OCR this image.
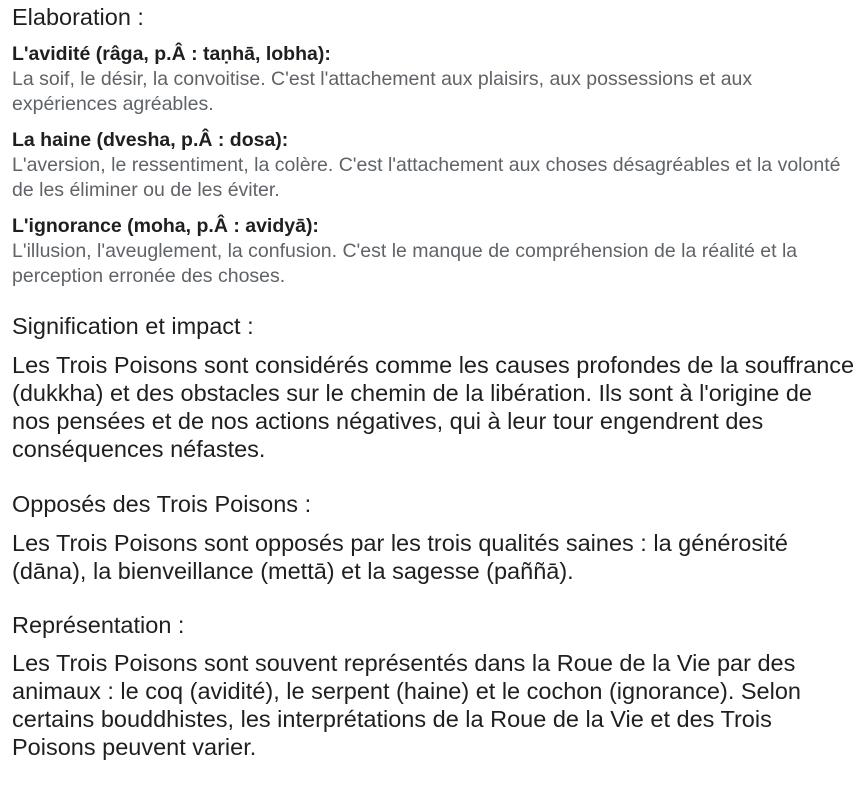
Elaboration :
L'avidité (râga, p.Â : taṇhā, lobha):

La soif, le désir, la convoitise. C'est l'attachement aux plaisirs, aux possessions et aux expériences agréables.

La haine (dvesha, p.Â : dosa):

L'aversion, le ressentiment, la colère. C'est l'attachement aux choses désagréables et la volonté de les éliminer ou de les éviter.

L'ignorance (moha, p.Â : avidyā):

L'illusion, l'aveuglement, la confusion. C'est le manque de compréhension de la réalité et la perception erronée des choses.

Signification et impact :

Les Trois Poisons sont considérés comme les causes profondes de la souffrance (dukkha) et des obstacles sur le chemin de la libération. Ils sont à l'origine de nos pensées et de nos actions négatives, qui à leur tour engendrent des conséquences néfastes.

Opposés des Trois Poisons :

Les Trois Poisons sont opposés par les trois qualités saines : la générosité (dāna), la bienveillance (mettā) et la sagesse (paññā).

Représentation :

Les Trois Poisons sont souvent représentés dans la Roue de la Vie par des animaux : le coq (avidité), le serpent (haine) et le cochon (ignorance). Selon certains bouddhistes, les interprétations de la Roue de la Vie et des Trois Poisons peuvent varier.
